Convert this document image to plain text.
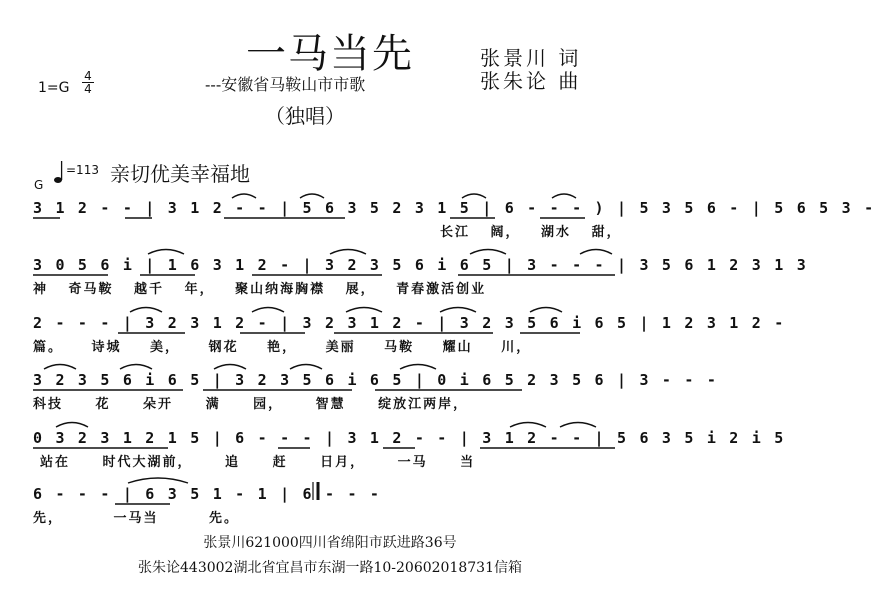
一马当先
---安徽省马鞍山市市歌
（独唱）
张景川 词
张朱论 曲
1=G
4
4
G
=113 亲切优美幸福地
3 1 2 - - | 3 1 2 - - | 5 6 3 5 2 3 1 5 | 6 - - - ) | 5 3 5 6 - | 5 6 5 3 -
长江 阔， 湖水 甜，
3 0 5 6 i | 1 6 3 1 2 - | 3 2 3 5 6 i 6 5 | 3 - - - | 3 5 6 1 2 3 1 3
神 奇马鞍 越千 年， 聚山纳海胸襟 展， 青春激活创业
2 - - - | 3 2 3 1 2 - | 3 2 3 1 2 - | 3 2 3 5 6 i 6 5 | 1 2 3 1 2 -
篇。 诗城 美， 钢花 艳， 美丽 马鞍 耀山 川，
3 2 3 5 6 i 6 5 | 3 2 3 5 6 i 6 5 | 0 i 6 5 2 3 5 6 | 3 - - -
科技 花 朵开 满 园， 智慧 绽放江两岸，
0 3 2 3 1 2 1 5 | 6 - - - | 3 1 2 - - | 3 1 2 - - | 5 6 3 5 i 2 i 5
站在 时代大湖前， 追 赶 日月， 一马 当
6 - - - | 6 3 5 1 - 1 | 6 - - -
先， 一马当 先。
张景川621000四川省绵阳市跃进路36号
张朱论443002湖北省宜昌市东湖一路10-20602018731信箱
